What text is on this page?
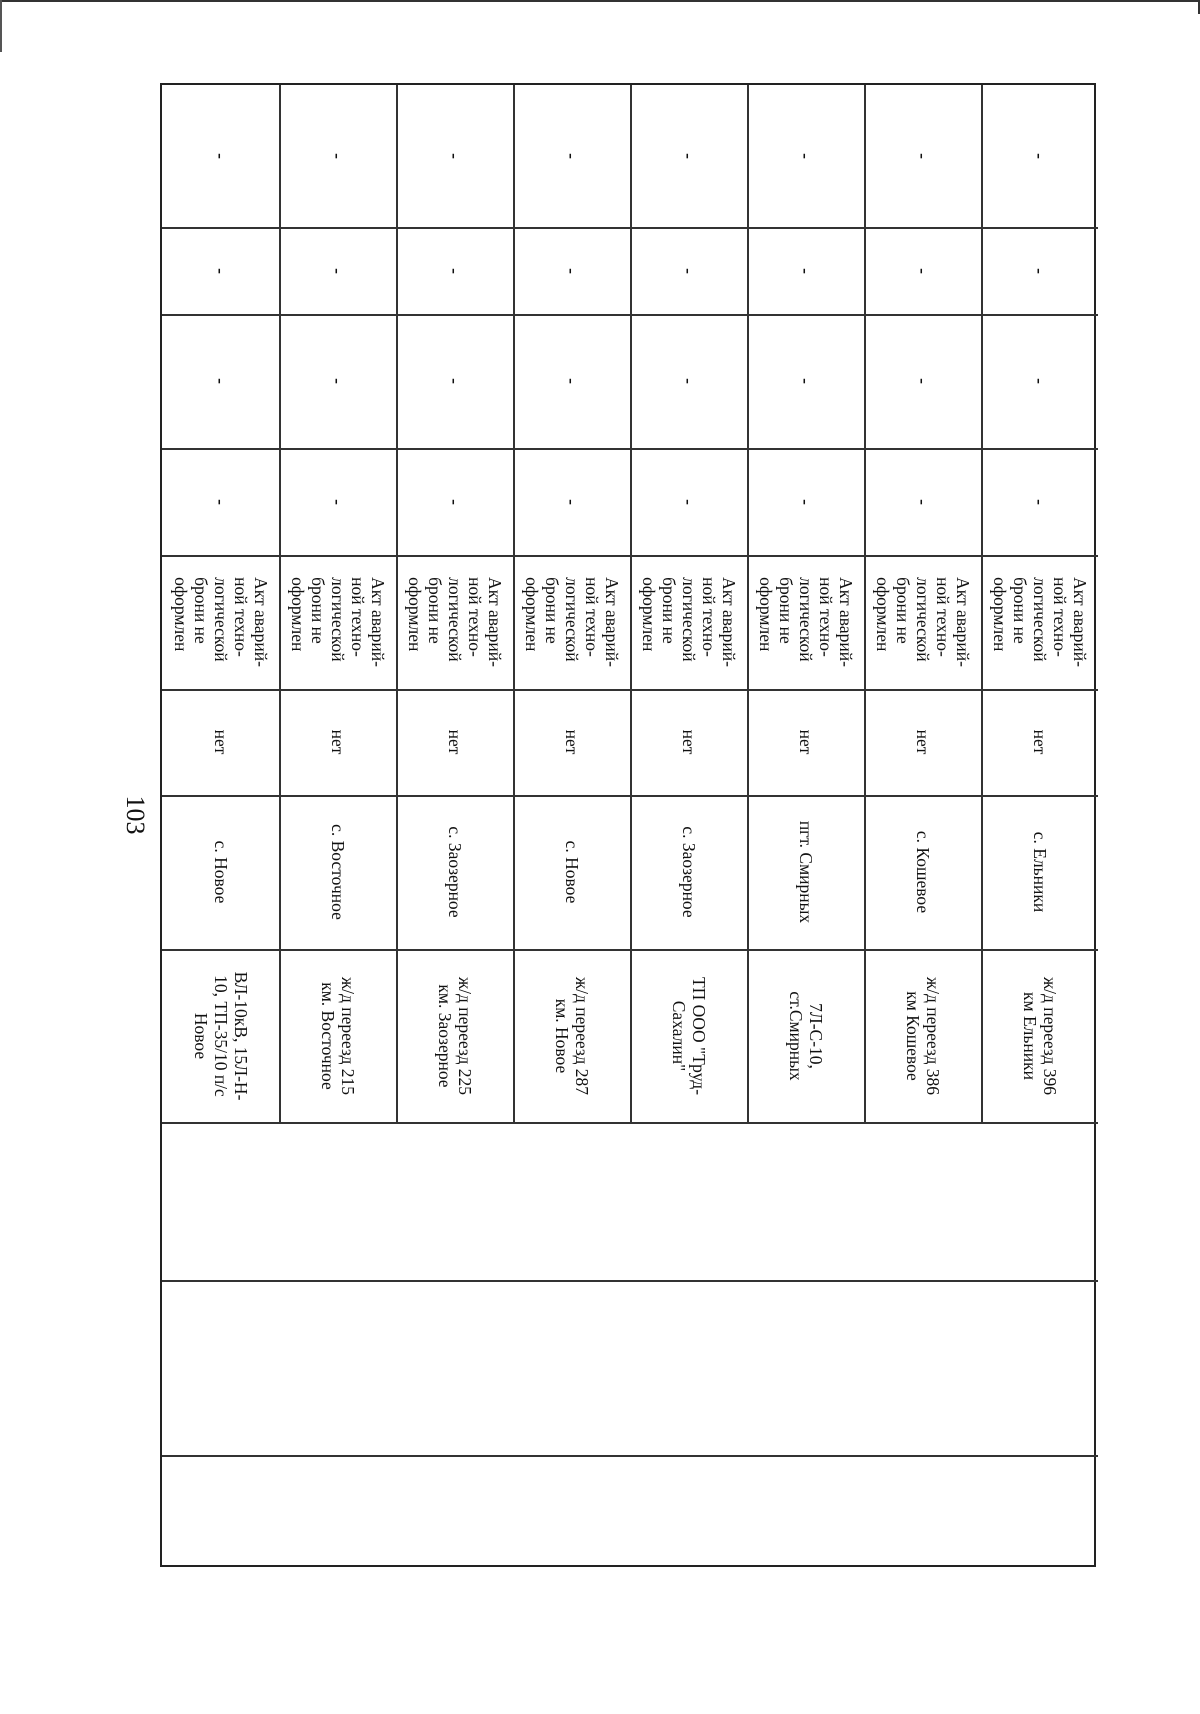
103
-
-
-
-
Акт аварий-
ной техно-
логической
брони не
оформлен
нет
с. Новое
ВЛ-10кВ, 15Л-Н-
10, ТП-35/10 п/с
Новое
-
-
-
-
Акт аварий-
ной техно-
логической
брони не
оформлен
нет
с. Восточное
ж/д переезд 215
км. Восточное
-
-
-
-
Акт аварий-
ной техно-
логической
брони не
оформлен
нет
с. Заозерное
ж/д переезд 225
км. Заозерное
-
-
-
-
Акт аварий-
ной техно-
логической
брони не
оформлен
нет
с. Новое
ж/д переезд 287
км. Новое
-
-
-
-
Акт аварий-
ной техно-
логической
брони не
оформлен
нет
с. Заозерное
ТП ООО "Труд-
Сахалин"
-
-
-
-
Акт аварий-
ной техно-
логической
брони не
оформлен
нет
пгт. Смирных
7Л-С-10,
ст.Смирных
-
-
-
-
Акт аварий-
ной техно-
логической
брони не
оформлен
нет
с. Кошевое
ж/д переезд 386
км Кошевое
-
-
-
-
Акт аварий-
ной техно-
логической
брони не
оформлен
нет
с. Ельники
ж/д переезд 396
км Ельники
